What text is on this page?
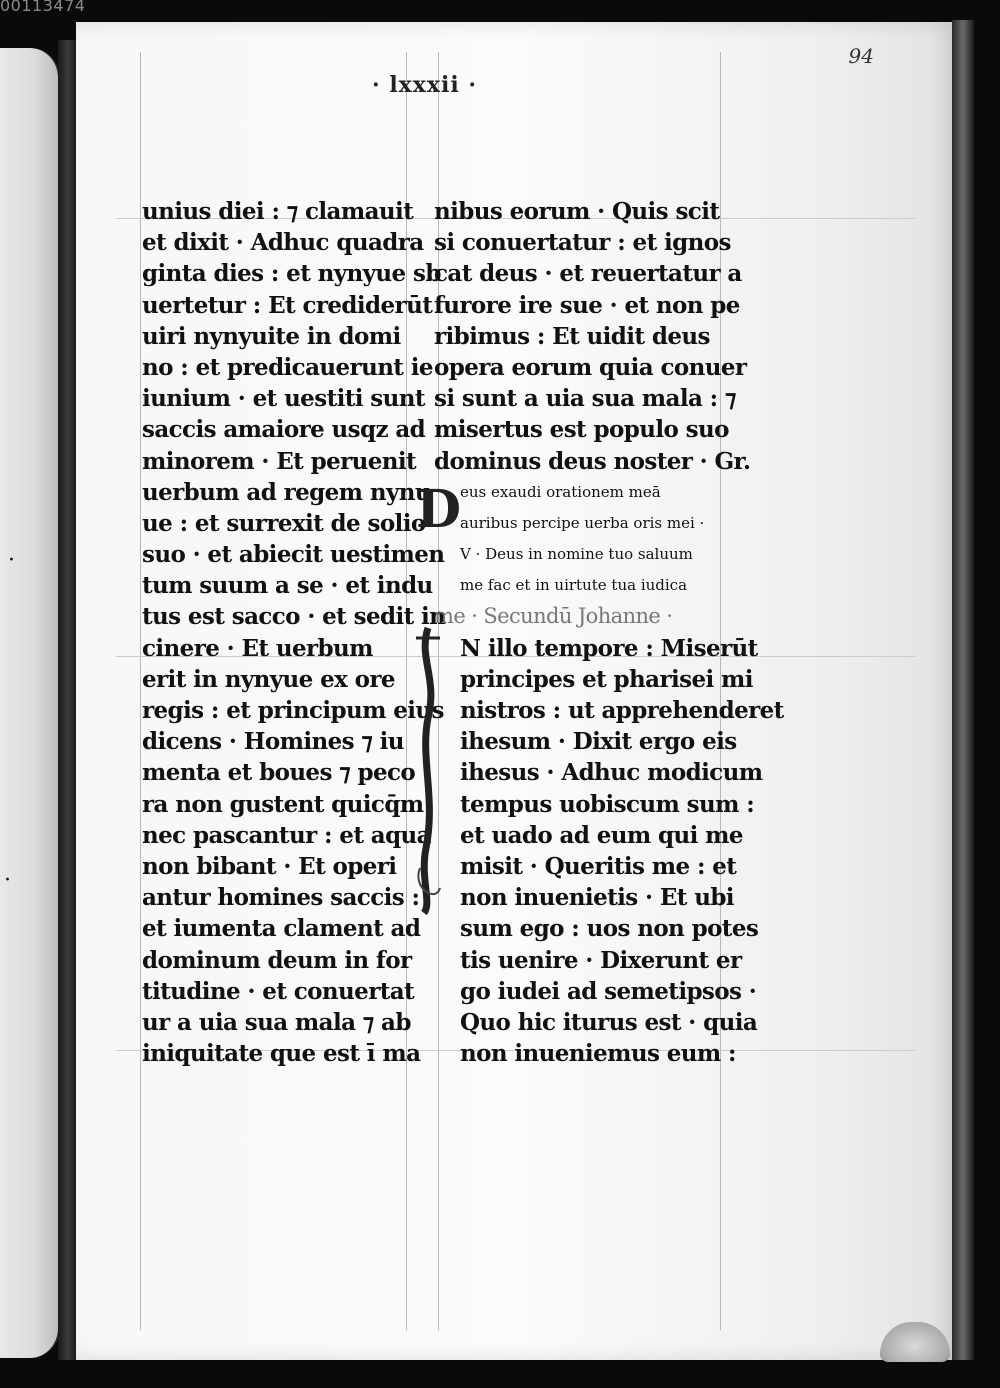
00113474
·
·
94
· lxxxii ·
unius diei : ⁊ clamauit
et dixit · Adhuc quadra
ginta dies : et nynyue sb
uertetur : Et crediderūt
uiri nynyuite in domi
no : et predicauerunt ie
iunium · et uestiti sunt
saccis amaiore usqz ad
minorem · Et peruenit
uerbum ad regem nynu
ue : et surrexit de solio
suo · et abiecit uestimen
tum suum a se · et indu
tus est sacco · et sedit in
cinere · Et uerbum
erit in nynyue ex ore
regis : et principum eius
dicens · Homines ⁊ iu
menta et boues ⁊ peco
ra non gustent quicq̄m
nec pascantur : et aqua
non bibant · Et operi
antur homines saccis :
et iumenta clament ad
dominum deum in for
titudine · et conuertat
ur a uia sua mala ⁊ ab
iniquitate que est ī ma
nibus eorum · Quis scit
si conuertatur : et ignos
cat deus · et reuertatur a
furore ire sue · et non pe
ribimus : Et uidit deus
opera eorum quia conuer
si sunt a uia sua mala : ⁊
misertus est populo suo
dominus deus noster · Gr.
eus exaudi orationem meā
auribus percipe uerba oris mei ·
V · Deus in nomine tuo saluum
me fac et in uirtute tua iudica
me · Secundū Johanne ·
N illo tempore : Miserūt
principes et pharisei mi
nistros : ut apprehenderet
ihesum · Dixit ergo eis
ihesus · Adhuc modicum
tempus uobiscum sum :
et uado ad eum qui me
misit · Queritis me : et
non inuenietis · Et ubi
sum ego : uos non potes
tis uenire · Dixerunt er
go iudei ad semetipsos ·
Quo hic iturus est · quia
non inueniemus eum :
D
